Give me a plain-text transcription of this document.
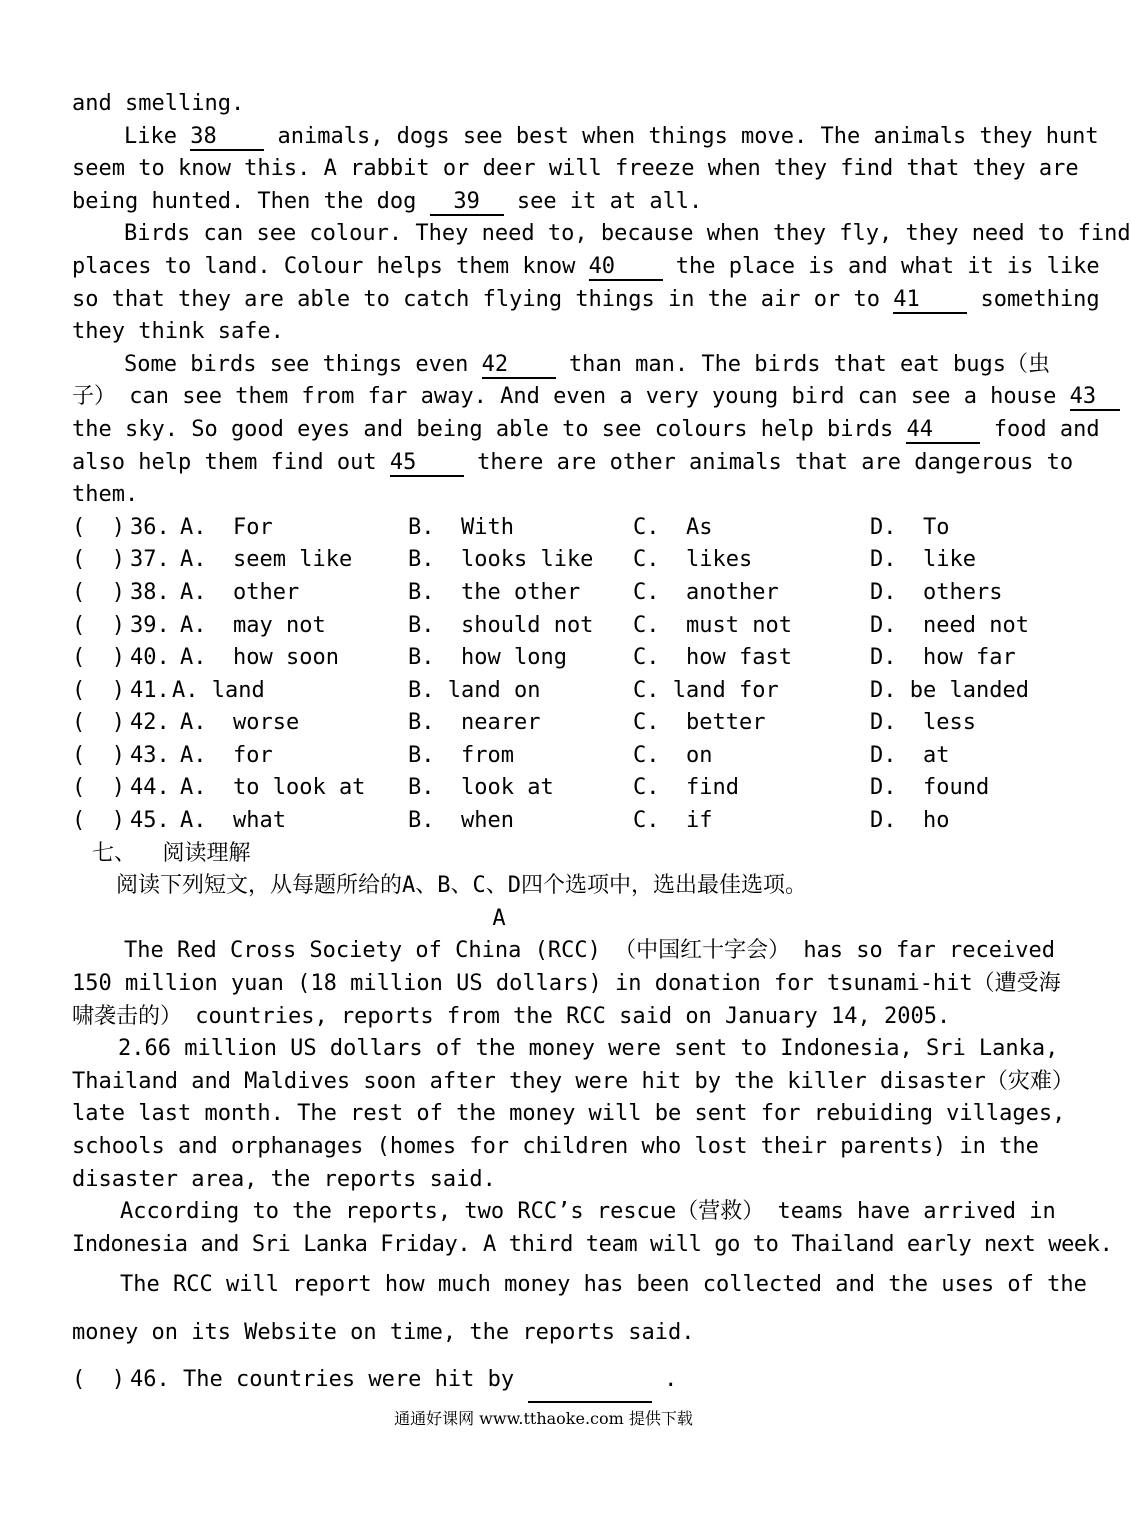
and smelling.
Like 38 animals, dogs see best when things move. The animals they hunt
seem to know this. A rabbit or deer will freeze when they find that they are
being hunted. Then the dog 39 see it at all.
Birds can see colour. They need to, because when they fly, they need to find
places to land. Colour helps them know 40 the place is and what it is like
so that they are able to catch flying things in the air or to 41 something
they think safe.
Some birds see things even 42 than man. The birds that eat bugs（虫
子） can see them from far away. And even a very young bird can see a house 43
the sky. So good eyes and being able to see colours help birds 44 food and
also help them find out 45 there are other animals that are dangerous to
them.
(  ) 36. A.  For	B.  With	C.  As	D.  To
(  ) 37. A.  seem like	B.  looks like	C.  likes	D.  like
(  ) 38. A.  other	B.  the other	C.  another	D.  others
(  ) 39. A.  may not	B.  should not	C.  must not	D.  need not
(  ) 40. A.  how soon	B.  how long	C.  how fast	D.  how far
(  ) 41. A. land	B. land on	C. land for	D. be landed
(  ) 42. A.  worse	B.  nearer	C.  better	D.  less
(  ) 43. A.  for	B.  from	C.  on	D.  at
(  ) 44. A.  to look at	B.  look at	C.  find	D.  found
(  ) 45. A.  what	B.  when	C.  if	D.  ho
七、  阅读理解
阅读下列短文，从每题所给的A、B、C、D四个选项中，选出最佳选项。
A
The Red Cross Society of China (RCC) （中国红十字会） has so far received
150 million yuan (18 million US dollars) in donation for tsunami-hit（遭受海
啸袭击的） countries, reports from the RCC said on January 14, 2005.
2.66 million US dollars of the money were sent to Indonesia, Sri Lanka,
Thailand and Maldives soon after they were hit by the killer disaster（灾难）
late last month. The rest of the money will be sent for rebuiding villages,
schools and orphanages (homes for children who lost their parents) in the
disaster area, the reports said.
According to the reports, two RCC’s rescue（营救） teams have arrived in
Indonesia and Sri Lanka Friday. A third team will go to Thailand early next week.
The RCC will report how much money has been collected and the uses of the
money on its Website on time, the reports said.
(  ) 46. The countries were hit by	.
通通好课网 www.tthaoke.com 提供下载
